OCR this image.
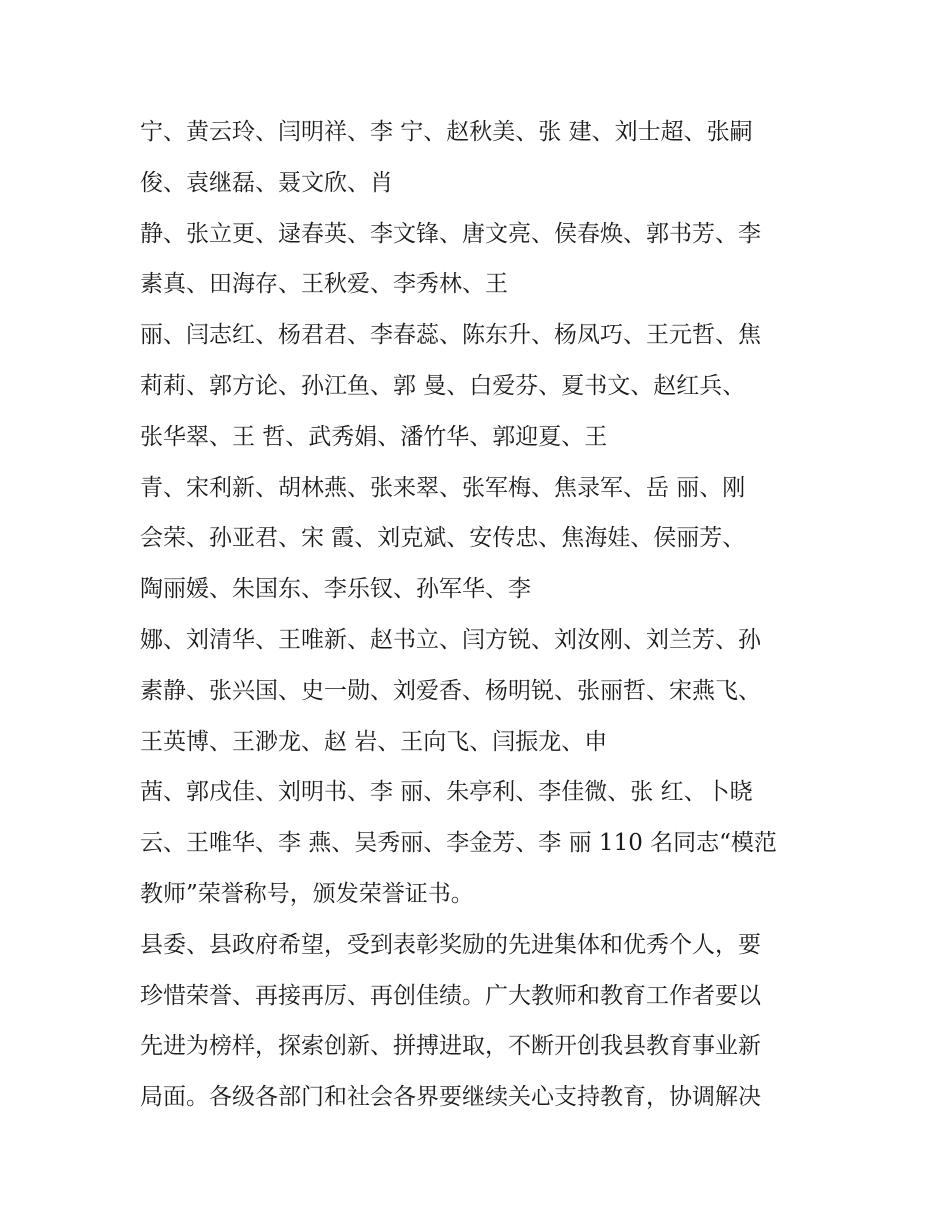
宁、黄云玲、闫明祥、李 宁、赵秋美、张 建、刘士超、张嗣
俊、袁继磊、聂文欣、肖
静、张立更、逯春英、李文锋、唐文亮、侯春焕、郭书芳、李
素真、田海存、王秋爱、李秀林、王
丽、闫志红、杨君君、李春蕊、陈东升、杨凤巧、王元哲、焦
莉莉、郭方论、孙江鱼、郭 曼、白爱芬、夏书文、赵红兵、
张华翠、王 哲、武秀娟、潘竹华、郭迎夏、王
青、宋利新、胡林燕、张来翠、张军梅、焦录军、岳 丽、刚
会荣、孙亚君、宋 霞、刘克斌、安传忠、焦海娃、侯丽芳、
陶丽媛、朱国东、李乐钗、孙军华、李
娜、刘清华、王唯新、赵书立、闫方锐、刘汝刚、刘兰芳、孙
素静、张兴国、史一勋、刘爱香、杨明锐、张丽哲、宋燕飞、
王英博、王渺龙、赵 岩、王向飞、闫振龙、申
茜、郭戌佳、刘明书、李 丽、朱亭利、李佳微、张 红、卜晓
云、王唯华、李 燕、吴秀丽、李金芳、李 丽 110 名同志“模范
教师”荣誉称号，颁发荣誉证书。
县委、县政府希望，受到表彰奖励的先进集体和优秀个人，要
珍惜荣誉、再接再厉、再创佳绩。广大教师和教育工作者要以
先进为榜样，探索创新、拼搏进取，不断开创我县教育事业新
局面。各级各部门和社会各界要继续关心支持教育，协调解决
